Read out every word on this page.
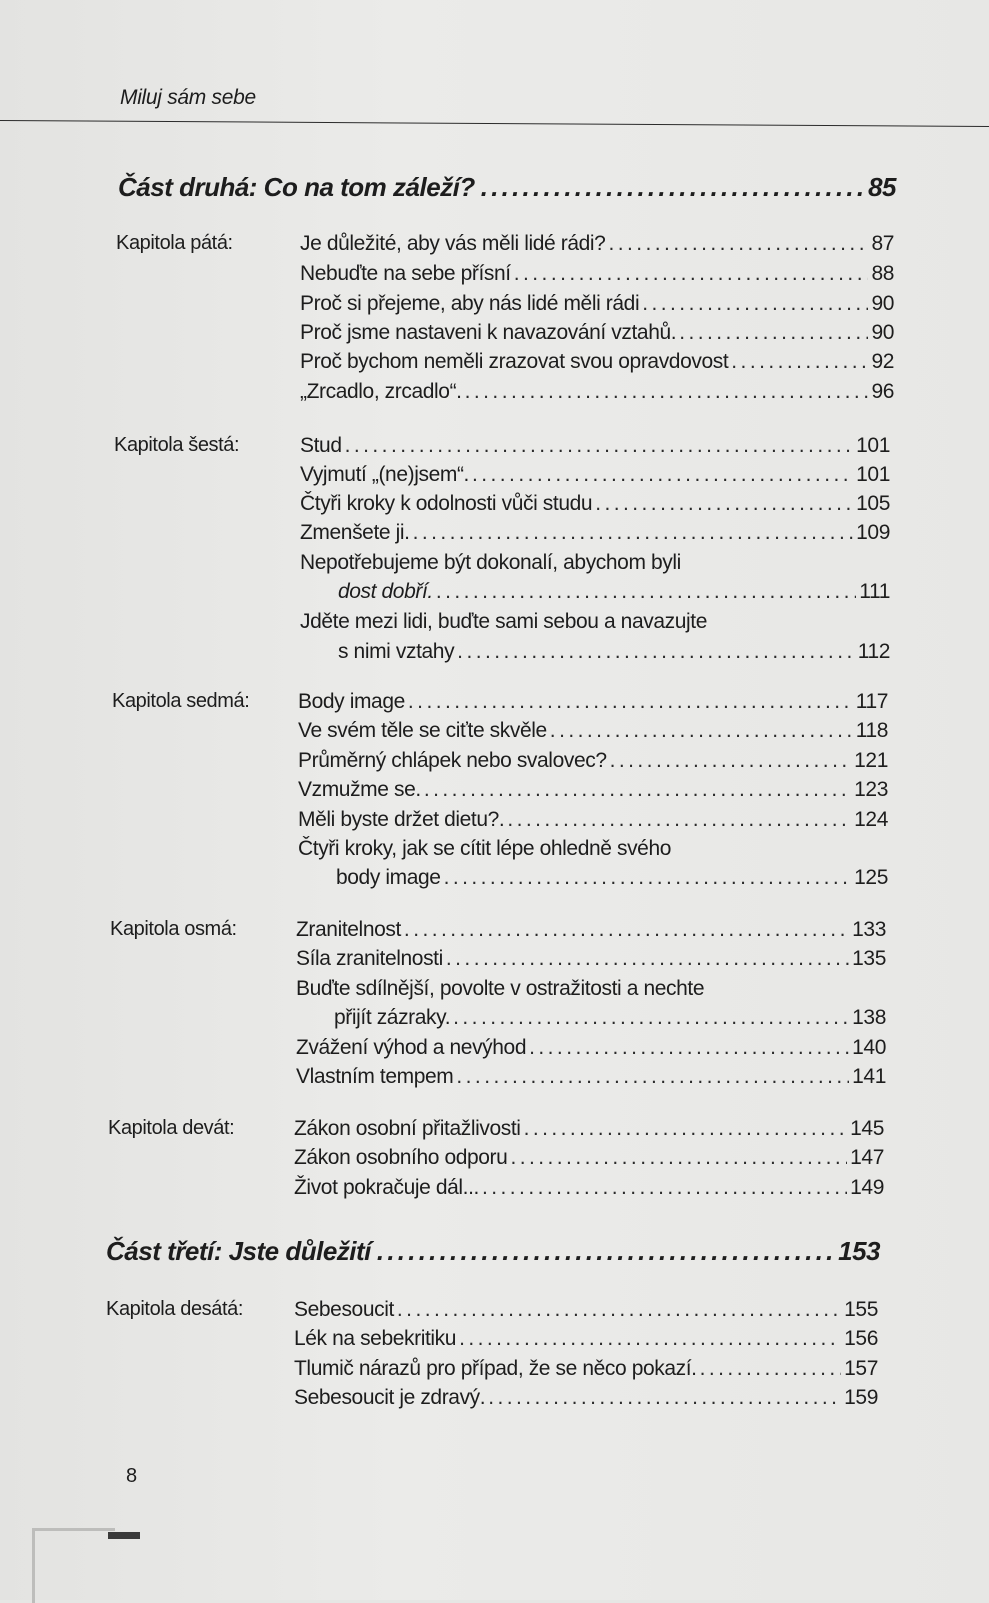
Miluj sám sebe
Část druhá: Co na tom záleží? . . .	85
Kapitola pátá:	Je důležité, aby vás měli lidé rádi? . . .	87
Nebuďte na sebe přísní . . .	88
Proč si přejeme, aby nás lidé měli rádi . . .	90
Proč jsme nastaveni k navazování vztahů. . . .	90
Proč bychom neměli zrazovat svou opravdovost . . .	92
„Zrcadlo, zrcadlo“. . . .	96
Kapitola šestá:	Stud . . .	101
Vyjmutí „(ne)jsem“. . . .	101
Čtyři kroky k odolnosti vůči studu . . .	105
Zmenšete ji. . . .	109
Nepotřebujeme být dokonalí, abychom byli
dost dobří. . . .	111
Jděte mezi lidi, buďte sami sebou a navazujte
s nimi vztahy . . .	112
Kapitola sedmá: Body image . . .	117
Ve svém těle se ciťte skvěle . . .	118
Průměrný chlápek nebo svalovec? . . .	121
Vzmužme se. . . .	123
Měli byste držet dietu?. . . .	124
Čtyři kroky, jak se cítit lépe ohledně svého
body image . . .	125
Kapitola osmá:	Zranitelnost . . .	133
Síla zranitelnosti . . .	135
Buďte sdílnější, povolte v ostražitosti a nechte
přijít zázraky. . . .	138
Zvážení výhod a nevýhod . . .	140
Vlastním tempem . . .	141
Kapitola devát:	Zákon osobní přitažlivosti . . .	145
Zákon osobního odporu . . .	147
Život pokračuje dál... . . .	149
Část třetí: Jste důležití . . .	153
Kapitola desátá: Sebesoucit . . .	155
Lék na sebekritiku . . .	156
Tlumič nárazů pro případ, že se něco pokazí. . . .	157
Sebesoucit je zdravý. . . .	159
8
